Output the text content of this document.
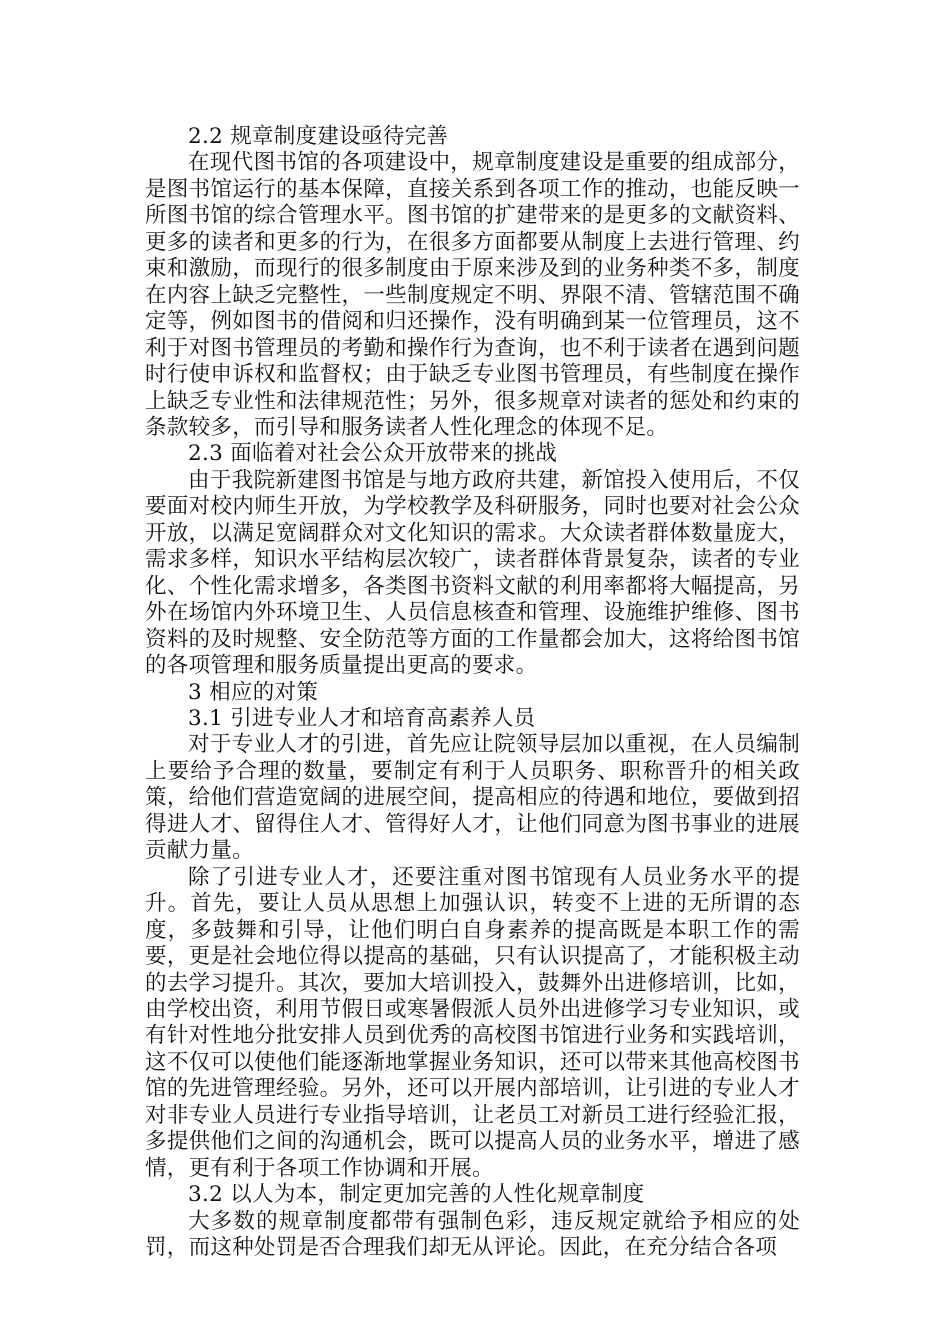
2.2 规章制度建设亟待完善

在现代图书馆的各项建设中，规章制度建设是重要的组成部分，是图书馆运行的基本保障，直接关系到各项工作的推动，也能反映一所图书馆的综合管理水平。图书馆的扩建带来的是更多的文献资料、更多的读者和更多的行为，在很多方面都要从制度上去进行管理、约束和激励，而现行的很多制度由于原来涉及到的业务种类不多，制度在内容上缺乏完整性，一些制度规定不明、界限不清、管辖范围不确定等，例如图书的借阅和归还操作，没有明确到某一位管理员，这不利于对图书管理员的考勤和操作行为查询，也不利于读者在遇到问题时行使申诉权和监督权；由于缺乏专业图书管理员，有些制度在操作上缺乏专业性和法律规范性；另外，很多规章对读者的惩处和约束的条款较多，而引导和服务读者人性化理念的体现不足。

2.3 面临着对社会公众开放带来的挑战

由于我院新建图书馆是与地方政府共建，新馆投入使用后，不仅要面对校内师生开放，为学校教学及科研服务，同时也要对社会公众开放，以满足宽阔群众对文化知识的需求。大众读者群体数量庞大，需求多样，知识水平结构层次较广，读者群体背景复杂，读者的专业化、个性化需求增多，各类图书资料文献的利用率都将大幅提高，另外在场馆内外环境卫生、人员信息核查和管理、设施维护维修、图书资料的及时规整、安全防范等方面的工作量都会加大，这将给图书馆的各项管理和服务质量提出更高的要求。

3 相应的对策

3.1 引进专业人才和培育高素养人员

对于专业人才的引进，首先应让院领导层加以重视，在人员编制上要给予合理的数量，要制定有利于人员职务、职称晋升的相关政策，给他们营造宽阔的进展空间，提高相应的待遇和地位，要做到招得进人才、留得住人才、管得好人才，让他们同意为图书事业的进展贡献力量。

除了引进专业人才，还要注重对图书馆现有人员业务水平的提升。首先，要让人员从思想上加强认识，转变不上进的无所谓的态度，多鼓舞和引导，让他们明白自身素养的提高既是本职工作的需要，更是社会地位得以提高的基础，只有认识提高了，才能积极主动的去学习提升。其次，要加大培训投入，鼓舞外出进修培训，比如，由学校出资，利用节假日或寒暑假派人员外出进修学习专业知识，或有针对性地分批安排人员到优秀的高校图书馆进行业务和实践培训，这不仅可以使他们能逐渐地掌握业务知识，还可以带来其他高校图书馆的先进管理经验。另外，还可以开展内部培训，让引进的专业人才对非专业人员进行专业指导培训，让老员工对新员工进行经验汇报，多提供他们之间的沟通机会，既可以提高人员的业务水平，增进了感情，更有利于各项工作协调和开展。

3.2 以人为本，制定更加完善的人性化规章制度

大多数的规章制度都带有强制色彩，违反规定就给予相应的处罚，而这种处罚是否合理我们却无从评论。因此，在充分结合各项
